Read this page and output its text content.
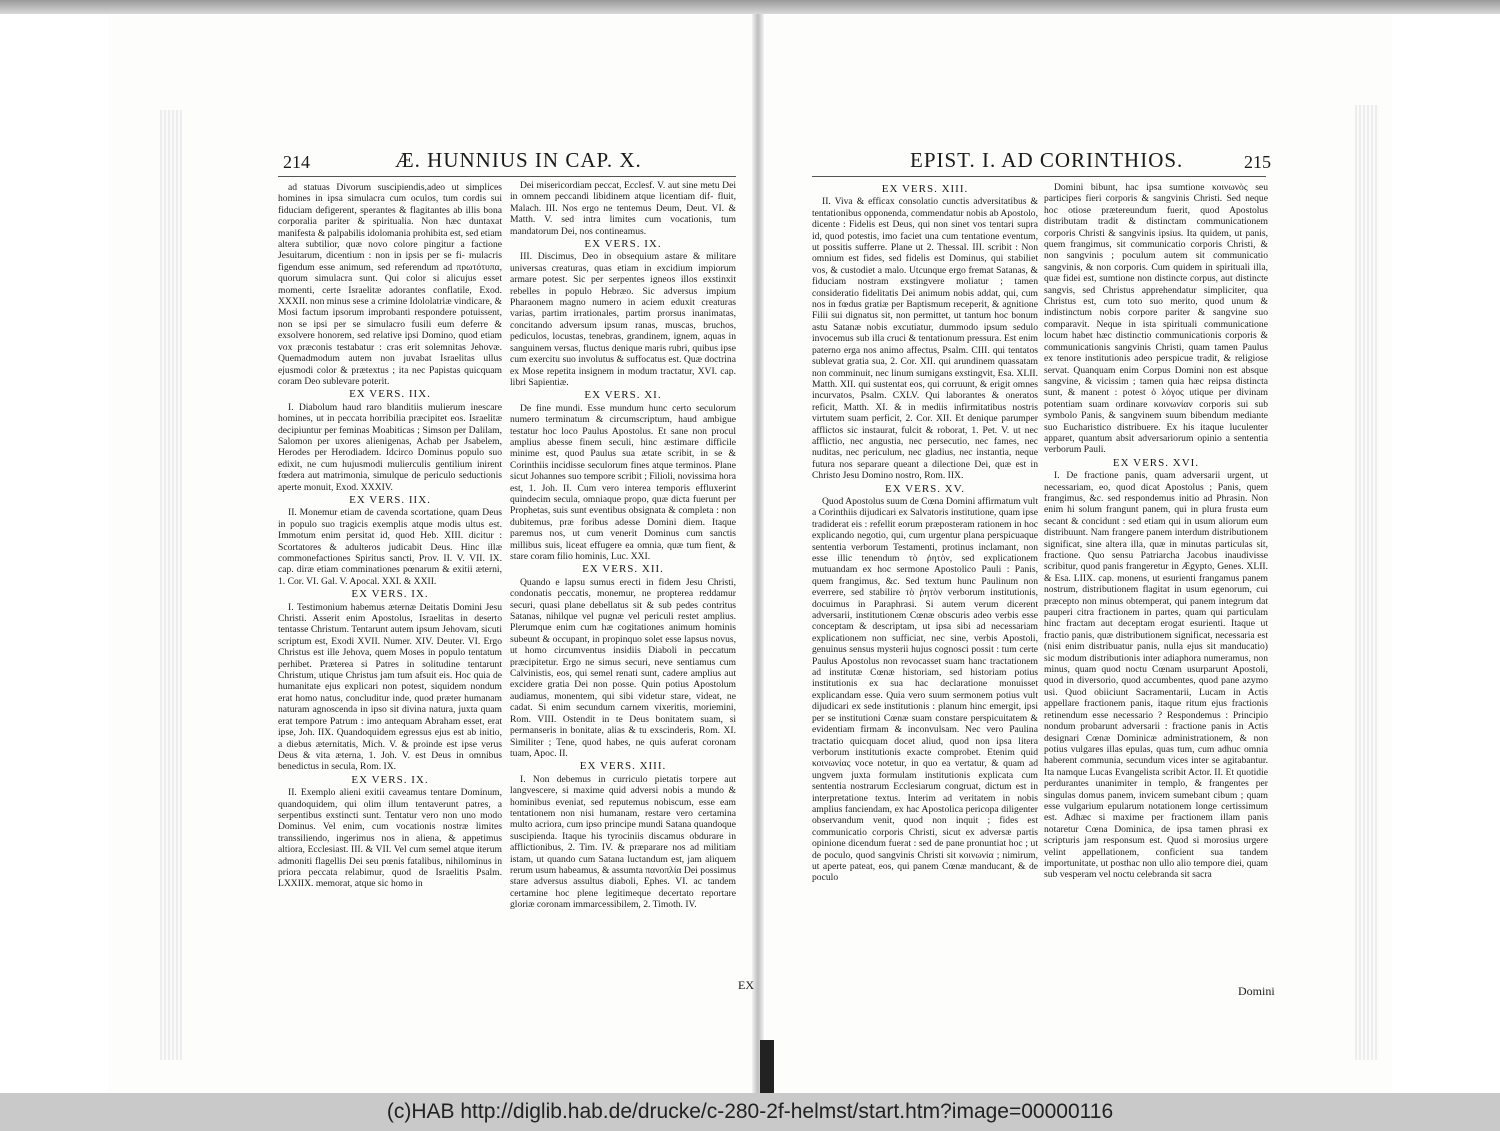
214	Æ. HUNNIUS IN CAP. X.	EPIST. I. AD CORINTHIOS.	215

ad statuas Divorum suscipiendis,adeo ut simplices homines in ipsa simulacra cum oculos, tum cordis sui fiduciam defigerent, sperantes & flagitantes ab illis bona corporalia pariter & spiritualia. Non hæc duntaxat manifesta & palpabilis idolomania prohibita est, sed etiam altera subtilior, quæ novo colore pingitur a factione Jesuitarum, dicentium : non in ipsis per se fi- mulacris figendum esse animum, sed referendum ad πρωτότυπα, quorum simulacra sunt. Qui color si alicujus esset momenti, certe Israelitæ adorantes conflatile, Exod. XXXII. non minus sese a crimine Idololatriæ vindicare, & Mosi factum ipsorum improbanti respondere potuissent, non se ipsi per se simulacro fusili eum deferre & exsolvere honorem, sed relative ipsi Domino, quod etiam vox præconis testabatur : cras erit solemnitas Jehovæ. Quemadmodum autem non juvabat Israelitas ullus ejusmodi color & prætextus ; ita nec Papistas quicquam coram Deo sublevare poterit.

EX VERS. IIX.

I. Diabolum haud raro blanditiis mulierum inescare homines, ut in peccata horribilia præcipitet eos. Israelitæ decipiuntur per feminas Moabiticas ; Simson per Dalilam, Salomon per uxores alienigenas, Achab per Jsabelem, Herodes per Herodiadem. Idcirco Dominus populo suo edixit, ne cum hujusmodi mulierculis gentilium inirent fœdera aut matrimonia, simulque de periculo seductionis aperte monuit, Exod. XXXIV.

EX VERS. IIX.

II. Monemur etiam de cavenda scortatione, quam Deus in populo suo tragicis exemplis atque modis ultus est. Immotum enim persitat id, quod Heb. XIII. dicitur : Scortatores & adulteros judicabit Deus. Hinc illæ commonefactiones Spiritus sancti, Prov. II. V. VII. IX. cap. diræ etiam comminationes pœnarum & exitii æterni, 1. Cor. VI. Gal. V. Apocal. XXI. & XXII.

EX VERS. IX.

I. Testimonium habemus æternæ Deitatis Domini Jesu Christi. Asserit enim Apostolus, Israelitas in deserto tentasse Christum. Tentarunt autem ipsum Jehovam, sicuti scriptum est, Exodi XVII. Numer. XIV. Deuter. VI. Ergo Christus est ille Jehova, quem Moses in populo tentatum perhibet. Præterea si Patres in solitudine tentarunt Christum, utique Christus jam tum afsuit eis. Hoc quia de humanitate ejus explicari non potest, siquidem nondum erat homo natus, concluditur inde, quod præter humanam naturam agnoscenda in ipso sit divina natura, juxta quam erat tempore Patrum : imo antequam Abraham esset, erat ipse, Joh. IIX. Quandoquidem egressus ejus est ab initio, a diebus æternitatis, Mich. V. & proinde est ipse verus Deus & vita æterna, 1. Joh. V. est Deus in omnibus benedictus in secula, Rom. IX.

EX VERS. IX.

II. Exemplo alieni exitii caveamus tentare Dominum, quandoquidem, qui olim illum tentaverunt patres, a serpentibus exstincti sunt. Tentatur vero non uno modo Dominus. Vel enim, cum vocationis nostræ limites transsiliendo, ingerimus nos in aliena, & appetimus altiora, Ecclesiast. III. & VII. Vel cum semel atque iterum admoniti flagellis Dei seu pœnis fatalibus, nihilominus in priora peccata relabimur, quod de Israelitis Psalm. LXXIIX. memorat, atque sic homo in

Dei misericordiam peccat, Ecclesf. V. aut sine metu Dei in omnem peccandi libidinem atque licentiam dif- fluit, Malach. III. Nos ergo ne tentemus Deum, Deut. VI. & Matth. V. sed intra limites cum vocationis, tum mandatorum Dei, nos contineamus.

EX VERS. IX.

III. Discimus, Deo in obsequium astare & militare universas creaturas, quas etiam in excidium impiorum armare potest. Sic per serpentes igneos illos exstinxit rebelles in populo Hebræo. Sic adversus impium Pharaonem magno numero in aciem eduxit creaturas varias, partim irrationales, partim prorsus inanimatas, concitando adversum ipsum ranas, muscas, bruchos, pediculos, locustas, tenebras, grandinem, ignem, aquas in sanguinem versas, fluctus denique maris rubri, quibus ipse cum exercitu suo involutus & suffocatus est. Quæ doctrina ex Mose repetita insignem in modum tractatur, XVI. cap. libri Sapientiæ.

EX VERS. XI.

De fine mundi. Esse mundum hunc certo seculorum numero terminatum & circumscriptum, haud ambigue testatur hoc loco Paulus Apostolus. Et sane non procul amplius abesse finem seculi, hinc æstimare difficile minime est, quod Paulus sua ætate scribit, in se & Corinthiis incidisse seculorum fines atque terminos. Plane sicut Johannes suo tempore scribit ; Filioli, novissima hora est, 1. Joh. II. Cum vero interea temporis effluxerint quindecim secula, omniaque propo, quæ dicta fuerunt per Prophetas, suis sunt eventibus obsignata & completa : non dubitemus, præ foribus adesse Domini diem. Itaque paremus nos, ut cum venerit Dominus cum sanctis millibus suis, liceat effugere ea omnia, quæ tum fient, & stare coram filio hominis, Luc. XXI.

EX VERS. XII.

Quando e lapsu sumus erecti in fidem Jesu Christi, condonatis peccatis, monemur, ne propterea reddamur securi, quasi plane debellatus sit & sub pedes contritus Satanas, nihilque vel pugnæ vel periculi restet amplius. Plerumque enim cum hæ cogitationes animum hominis subeunt & occupant, in propinquo solet esse lapsus novus, ut homo circumventus insidiis Diaboli in peccatum præcipitetur. Ergo ne simus securi, neve sentiamus cum Calvinistis, eos, qui semel renati sunt, cadere amplius aut excidere gratia Dei non posse. Quin potius Apostolum audiamus, monentem, qui sibi videtur stare, videat, ne cadat. Si enim secundum carnem vixeritis, moriemini, Rom. VIII. Ostendit in te Deus bonitatem suam, si permanseris in bonitate, alias & tu exscinderis, Rom. XI. Similiter ; Tene, quod habes, ne quis auferat coronam tuam, Apoc. II.

EX VERS. XIII.

I. Non debemus in curriculo pietatis torpere aut langvescere, si maxime quid adversi nobis a mundo & hominibus eveniat, sed reputemus nobiscum, esse eam tentationem non nisi humanam, restare vero certamina multo acriora, cum ipso principe mundi Satana quandoque suscipienda. Itaque his tyrociniis discamus obdurare in afflictionibus, 2. Tim. IV. & præparare nos ad militiam istam, ut quando cum Satana luctandum est, jam aliquem rerum usum habeamus, & assumta πανοπλία Dei possimus stare adversus assultus diaboli, Ephes. VI. ac tandem certamine hoc plene legitimeque decertato reportare gloriæ coronam immarcessibilem, 2. Timoth. IV.

EX VERS. XIII.

II. Viva & efficax consolatio cunctis adversitatibus & tentationibus opponenda, commendatur nobis ab Apostolo, dicente : Fidelis est Deus, qui non sinet vos tentari supra id, quod potestis, imo faciet una cum tentatione eventum, ut possitis sufferre. Plane ut 2. Thessal. III. scribit : Non omnium est fides, sed fidelis est Dominus, qui stabiliet vos, & custodiet a malo. Utcunque ergo fremat Satanas, & fiduciam nostram exstingvere moliatur ; tamen consideratio fidelitatis Dei animum nobis addat, qui, cum nos in fœdus gratiæ per Baptismum receperit, & agnitione Filii sui dignatus sit, non permittet, ut tantum hoc bonum astu Satanæ nobis excutiatur, dummodo ipsum sedulo invocemus sub illa cruci & tentationum pressura. Est enim paterno erga nos animo affectus, Psalm. CIII. qui tentatos sublevat gratia sua, 2. Cor. XII. qui arundinem quassatam non comminuit, nec linum sumigans exstingvit, Esa. XLII. Matth. XII. qui sustentat eos, qui corruunt, & erigit omnes incurvatos, Psalm. CXLV. Qui laborantes & oneratos reficit, Matth. XI. & in mediis infirmitatibus nostris virtutem suam perficit, 2. Cor. XII. Et denique parumper afflictos sic instaurat, fulcit & roborat, 1. Pet. V. ut nec afflictio, nec angustia, nec persecutio, nec fames, nec nuditas, nec periculum, nec gladius, nec instantia, neque futura nos separare queant a dilectione Dei, quæ est in Christo Jesu Domino nostro, Rom. IIX.

EX VERS. XV.

Quod Apostolus suum de Cœna Domini affirmatum vult a Corinthiis dijudicari ex Salvatoris institutione, quam ipse tradiderat eis : refellit eorum præposteram rationem in hoc explicando negotio, qui, cum urgentur plana perspicuaque sententia verborum Testamenti, protinus inclamant, non esse illic tenendum τὸ ῥητὸν, sed explicationem mutuandam ex hoc sermone Apostolico Pauli : Panis, quem frangimus, &c. Sed textum hunc Paulinum non everrere, sed stabilire τὸ ῥητὸν verborum institutionis, docuimus in Paraphrasi. Si autem verum dicerent adversarii, institutionem Cœnæ obscuris adeo verbis esse conceptam & descriptam, ut ipsa sibi ad necessariam explicationem non sufficiat, nec sine, verbis Apostoli, genuinus sensus mysterii hujus cognosci possit : tum certe Paulus Apostolus non revocasset suam hanc tractationem ad institutæ Cœnæ historiam, sed historiam potius institutionis ex sua hac declaratione monuisset explicandam esse. Quia vero suum sermonem potius vult dijudicari ex sede institutionis : planum hinc emergit, ipsi per se institutioni Cœnæ suam constare perspicuitatem & evidentiam firmam & inconvulsam. Nec vero Paulina tractatio quicquam docet aliud, quod non ipsa litera verborum institutionis exacte comprobet. Etenim quid κοινωνίας voce notetur, in quo ea vertatur, & quam ad ungvem juxta formulam institutionis explicata cum sententia nostrarum Ecclesiarum congruat, dictum est in interpretatione textus. Interim ad veritatem in nobis amplius fanciendam, ex hac Apostolica pericopa diligenter observandum venit, quod non inquit ; fides est communicatio corporis Christi, sicut ex adversæ partis opinione dicendum fuerat : sed de pane pronuntiat hoc ; ut de poculo, quod sangvinis Christi sit κοινωνία ; nimirum, ut aperte pateat, eos, qui panem Cœnæ manducant, & de poculo

Domini bibunt, hac ipsa sumtione κοινωνὸς seu participes fieri corporis & sangvinis Christi. Sed neque hoc otiose prætereundum fuerit, quod Apostolus distributam tradit & distinctam communicationem corporis Christi & sangvinis ipsius. Ita quidem, ut panis, quem frangimus, sit communicatio corporis Christi, & non sangvinis ; poculum autem sit communicatio sangvinis, & non corporis. Cum quidem in spirituali illa, quæ fidei est, sumtione non distincte corpus, aut distincte sangvis, sed Christus apprehendatur simpliciter, qua Christus est, cum toto suo merito, quod unum & indistinctum nobis corpore pariter & sangvine suo comparavit. Neque in ista spirituali communicatione locum habet hæc distinctio communicationis corporis & communicationis sangvinis Christi, quam tamen Paulus ex tenore institutionis adeo perspicue tradit, & religiose servat. Quanquam enim Corpus Domini non est absque sangvine, & vicissim ; tamen quia hæc reipsa distincta sunt, & manent : potest ὁ λόγος utique per divinam potentiam suam ordinare κοινωνίαν corporis sui sub symbolo Panis, & sangvinem suum bibendum mediante suo Eucharistico distribuere. Ex his itaque luculenter apparet, quantum absit adversariorum opinio a sententia verborum Pauli.

EX VERS. XVI.

I. De fractione panis, quam adversarii urgent, ut necessariam, eo, quod dicat Apostolus ; Panis, quem frangimus, &c. sed respondemus initio ad Phrasin. Non enim hi solum frangunt panem, qui in plura frusta eum secant & concidunt : sed etiam qui in usum aliorum eum distribuunt. Nam frangere panem interdum distributionem significat, sine altera illa, quæ in minutas particulas sit, fractione. Quo sensu Patriarcha Jacobus inaudivisse scribitur, quod panis frangeretur in Ægypto, Genes. XLII. & Esa. LIIX. cap. monens, ut esurienti frangamus panem nostrum, distributionem flagitat in usum egenorum, cui præcepto non minus obtemperat, qui panem integrum dat pauperi citra fractionem in partes, quam qui particulam hinc fractam aut deceptam erogat esurienti. Itaque ut fractio panis, quæ distributionem significat, necessaria est (nisi enim distribuatur panis, nulla ejus sit manducatio) sic modum distributionis inter adiaphora numeramus, non minus, quam quod noctu Cœnam usurparunt Apostoli, quod in diversorio, quod accumbentes, quod pane azymo usi. Quod obiiciunt Sacramentarii, Lucam in Actis appellare fractionem panis, itaque ritum ejus fractionis retinendum esse necessario ? Respondemus : Principio nondum probarunt adversarii : fractione panis in Actis designari Cœnæ Dominicæ administrationem, & non potius vulgares illas epulas, quas tum, cum adhuc omnia haberent communia, secundum vices inter se agitabantur. Ita namque Lucas Evangelista scribit Actor. II. Et quotidie perdurantes unanimiter in templo, & frangentes per singulas domus panem, invicem sumebant cibum ; quam esse vulgarium epularum notationem longe certissimum est. Adhæc si maxime per fractionem illam panis notaretur Cœna Dominica, de ipsa tamen phrasi ex scripturis jam responsum est. Quod si morosius urgere velint appellationem, conficient sua tandem importunitate, ut posthac non ullo alio tempore diei, quam sub vesperam vel noctu celebranda sit sacra

EX	Domini
(c)HAB http://diglib.hab.de/drucke/c-280-2f-helmst/start.htm?image=00000116
